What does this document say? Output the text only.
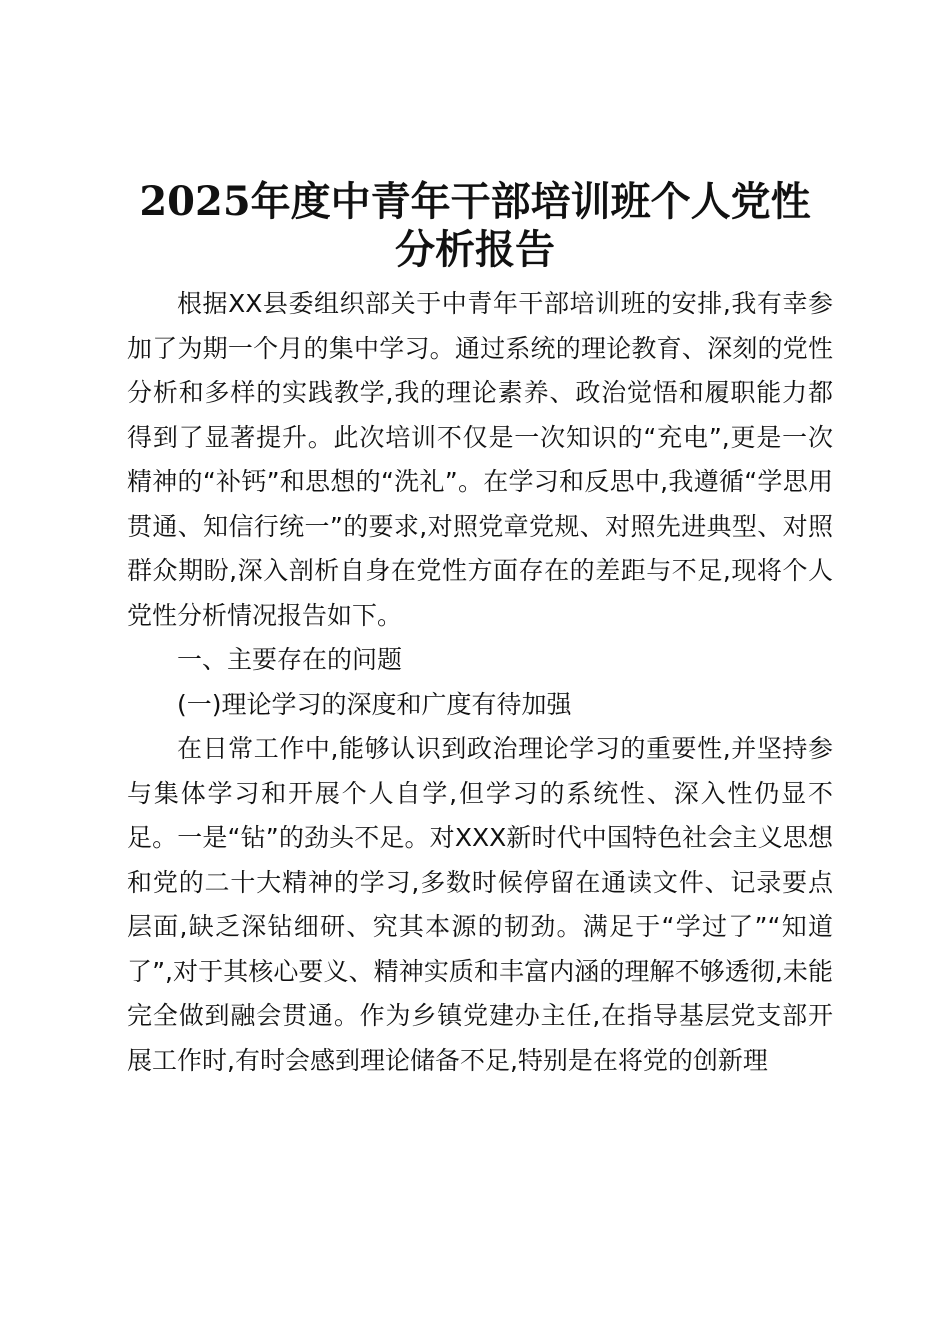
2025年度中青年干部培训班个人党性
分析报告

根据XX县委组织部关于中青年干部培训班的安排,我有幸参加了为期一个月的集中学习。通过系统的理论教育、深刻的党性分析和多样的实践教学,我的理论素养、政治觉悟和履职能力都得到了显著提升。此次培训不仅是一次知识的“充电”,更是一次精神的“补钙”和思想的“洗礼”。在学习和反思中,我遵循“学思用贯通、知信行统一”的要求,对照党章党规、对照先进典型、对照群众期盼,深入剖析自身在党性方面存在的差距与不足,现将个人党性分析情况报告如下。

一、主要存在的问题

(一)理论学习的深度和广度有待加强

在日常工作中,能够认识到政治理论学习的重要性,并坚持参与集体学习和开展个人自学,但学习的系统性、深入性仍显不足。一是“钻”的劲头不足。对XXX新时代中国特色社会主义思想和党的二十大精神的学习,多数时候停留在通读文件、记录要点层面,缺乏深钻细研、究其本源的韧劲。满足于“学过了”“知道了”,对于其核心要义、精神实质和丰富内涵的理解不够透彻,未能完全做到融会贯通。作为乡镇党建办主任,在指导基层党支部开展工作时,有时会感到理论储备不足,特别是在将党的创新理
